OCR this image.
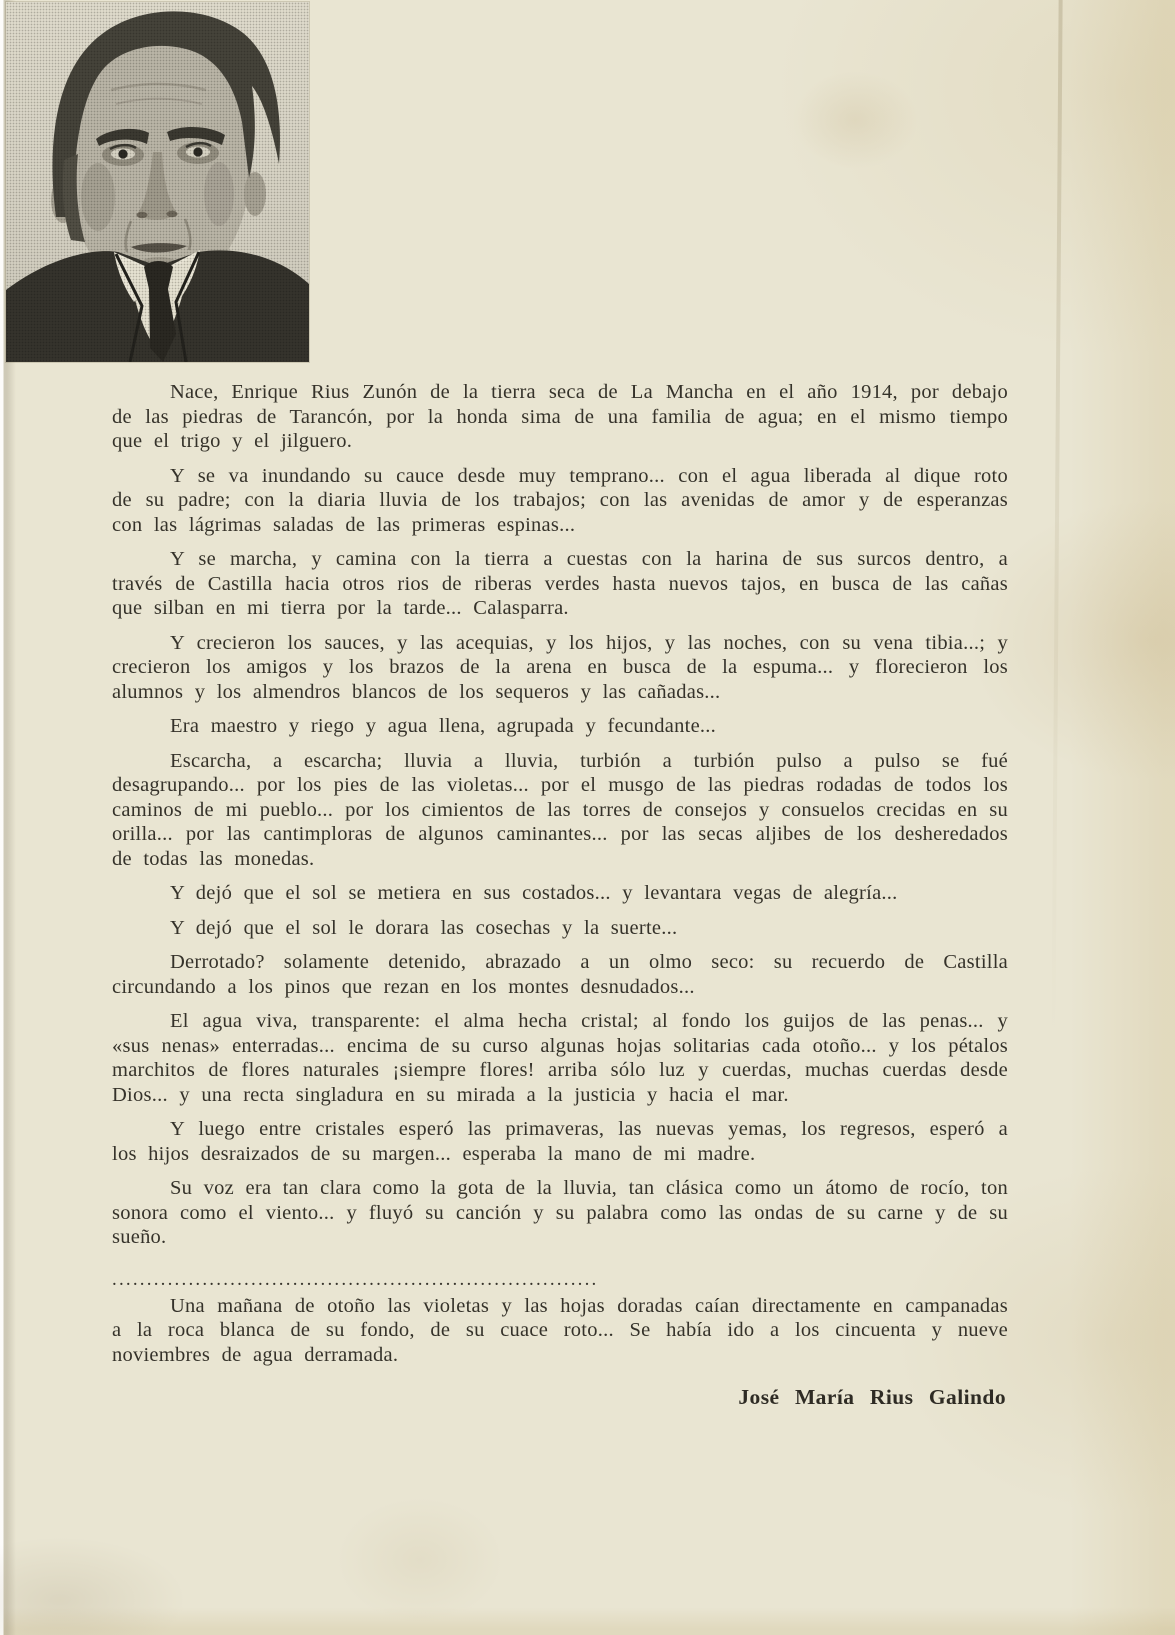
Nace, Enrique Rius Zunón de la tierra seca de La Mancha en el año 1914, por debajo de las piedras de Tarancón, por la honda sima de una familia de agua; en el mismo tiempo que el trigo y el jilguero.

Y se va inundando su cauce desde muy temprano... con el agua liberada al dique roto de su padre; con la diaria lluvia de los trabajos; con las avenidas de amor y de esperanzas con las lágrimas saladas de las primeras espinas...

Y se marcha, y camina con la tierra a cuestas con la harina de sus surcos dentro, a través de Castilla hacia otros rios de riberas verdes hasta nuevos tajos, en busca de las cañas que silban en mi tierra por la tarde... Calasparra.

Y crecieron los sauces, y las acequias, y los hijos, y las noches, con su vena tibia...; y crecieron los amigos y los brazos de la arena en busca de la espuma... y florecieron los alumnos y los almendros blancos de los sequeros y las cañadas...

Era maestro y riego y agua llena, agrupada y fecundante...

Escarcha, a escarcha; lluvia a lluvia, turbión a turbión pulso a pulso se fué desagrupando... por los pies de las violetas... por el musgo de las piedras rodadas de todos los caminos de mi pueblo... por los cimientos de las torres de consejos y consuelos crecidas en su orilla... por las cantimploras de algunos caminantes... por las secas aljibes de los desheredados de todas las monedas.

Y dejó que el sol se metiera en sus costados... y levantara vegas de alegría...

Y dejó que el sol le dorara las cosechas y la suerte...

Derrotado? solamente detenido, abrazado a un olmo seco: su recuerdo de Castilla circundando a los pinos que rezan en los montes desnudados...

El agua viva, transparente: el alma hecha cristal; al fondo los guijos de las penas... y «sus nenas» enterradas... encima de su curso algunas hojas solitarias cada otoño... y los pétalos marchitos de flores naturales ¡siempre flores! arriba sólo luz y cuerdas, muchas cuerdas desde Dios... y una recta singladura en su mirada a la justicia y hacia el mar.

Y luego entre cristales esperó las primaveras, las nuevas yemas, los regresos, esperó a los hijos desraizados de su margen... esperaba la mano de mi madre.

Su voz era tan clara como la gota de la lluvia, tan clásica como un átomo de rocío, ton sonora como el viento... y fluyó su canción y su palabra como las ondas de su carne y de su sueño.

......................................................................

Una mañana de otoño las violetas y las hojas doradas caían directamente en campanadas a la roca blanca de su fondo, de su cuace roto... Se había ido a los cincuenta y nueve noviembres de agua derramada.

José María Rius Galindo
